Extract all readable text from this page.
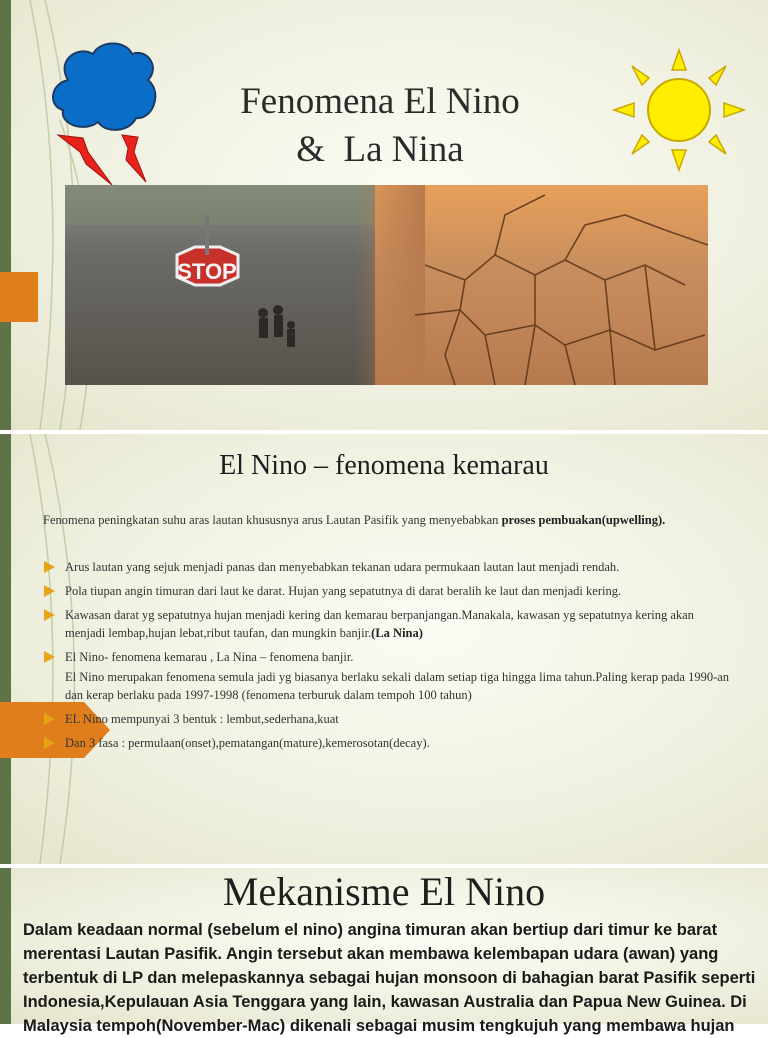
Fenomena El Nino
&  La Nina
STOP
El Nino – fenomena kemarau
Fenomena peningkatan suhu aras lautan khususnya arus Lautan Pasifik yang menyebabkan proses pembuakan(upwelling).
Arus lautan yang sejuk menjadi panas dan menyebabkan tekanan udara permukaan lautan laut menjadi rendah.
Pola tiupan angin timuran dari laut ke darat. Hujan yang sepatutnya di darat beralih ke laut dan menjadi kering.
Kawasan darat yg sepatutnya hujan menjadi kering dan kemarau berpanjangan.Manakala, kawasan yg sepatutnya kering akan menjadi lembap,hujan lebat,ribut taufan, dan mungkin banjir.(La Nina)
El Nino- fenomena kemarau , La Nina – fenomena banjir.
El Nino merupakan fenomena semula jadi yg biasanya berlaku sekali dalam setiap tiga hingga lima tahun.Paling kerap pada 1990-an dan kerap berlaku pada 1997-1998 (fenomena terburuk dalam tempoh 100 tahun)
EL Nino mempunyai 3 bentuk : lembut,sederhana,kuat
Dan 3 fasa : permulaan(onset),pematangan(mature),kemerosotan(decay).
Mekanisme El Nino
Dalam keadaan normal (sebelum el nino) angina timuran akan bertiup dari timur ke barat merentasi Lautan Pasifik. Angin tersebut akan membawa kelembapan udara (awan) yang terbentuk di LP dan melepaskannya sebagai hujan monsoon di bahagian barat Pasifik seperti Indonesia,Kepulauan Asia Tenggara yang lain, kawasan Australia dan Papua New Guinea. Di Malaysia tempoh(November-Mac) dikenali sebagai musim tengkujuh yang membawa hujan
